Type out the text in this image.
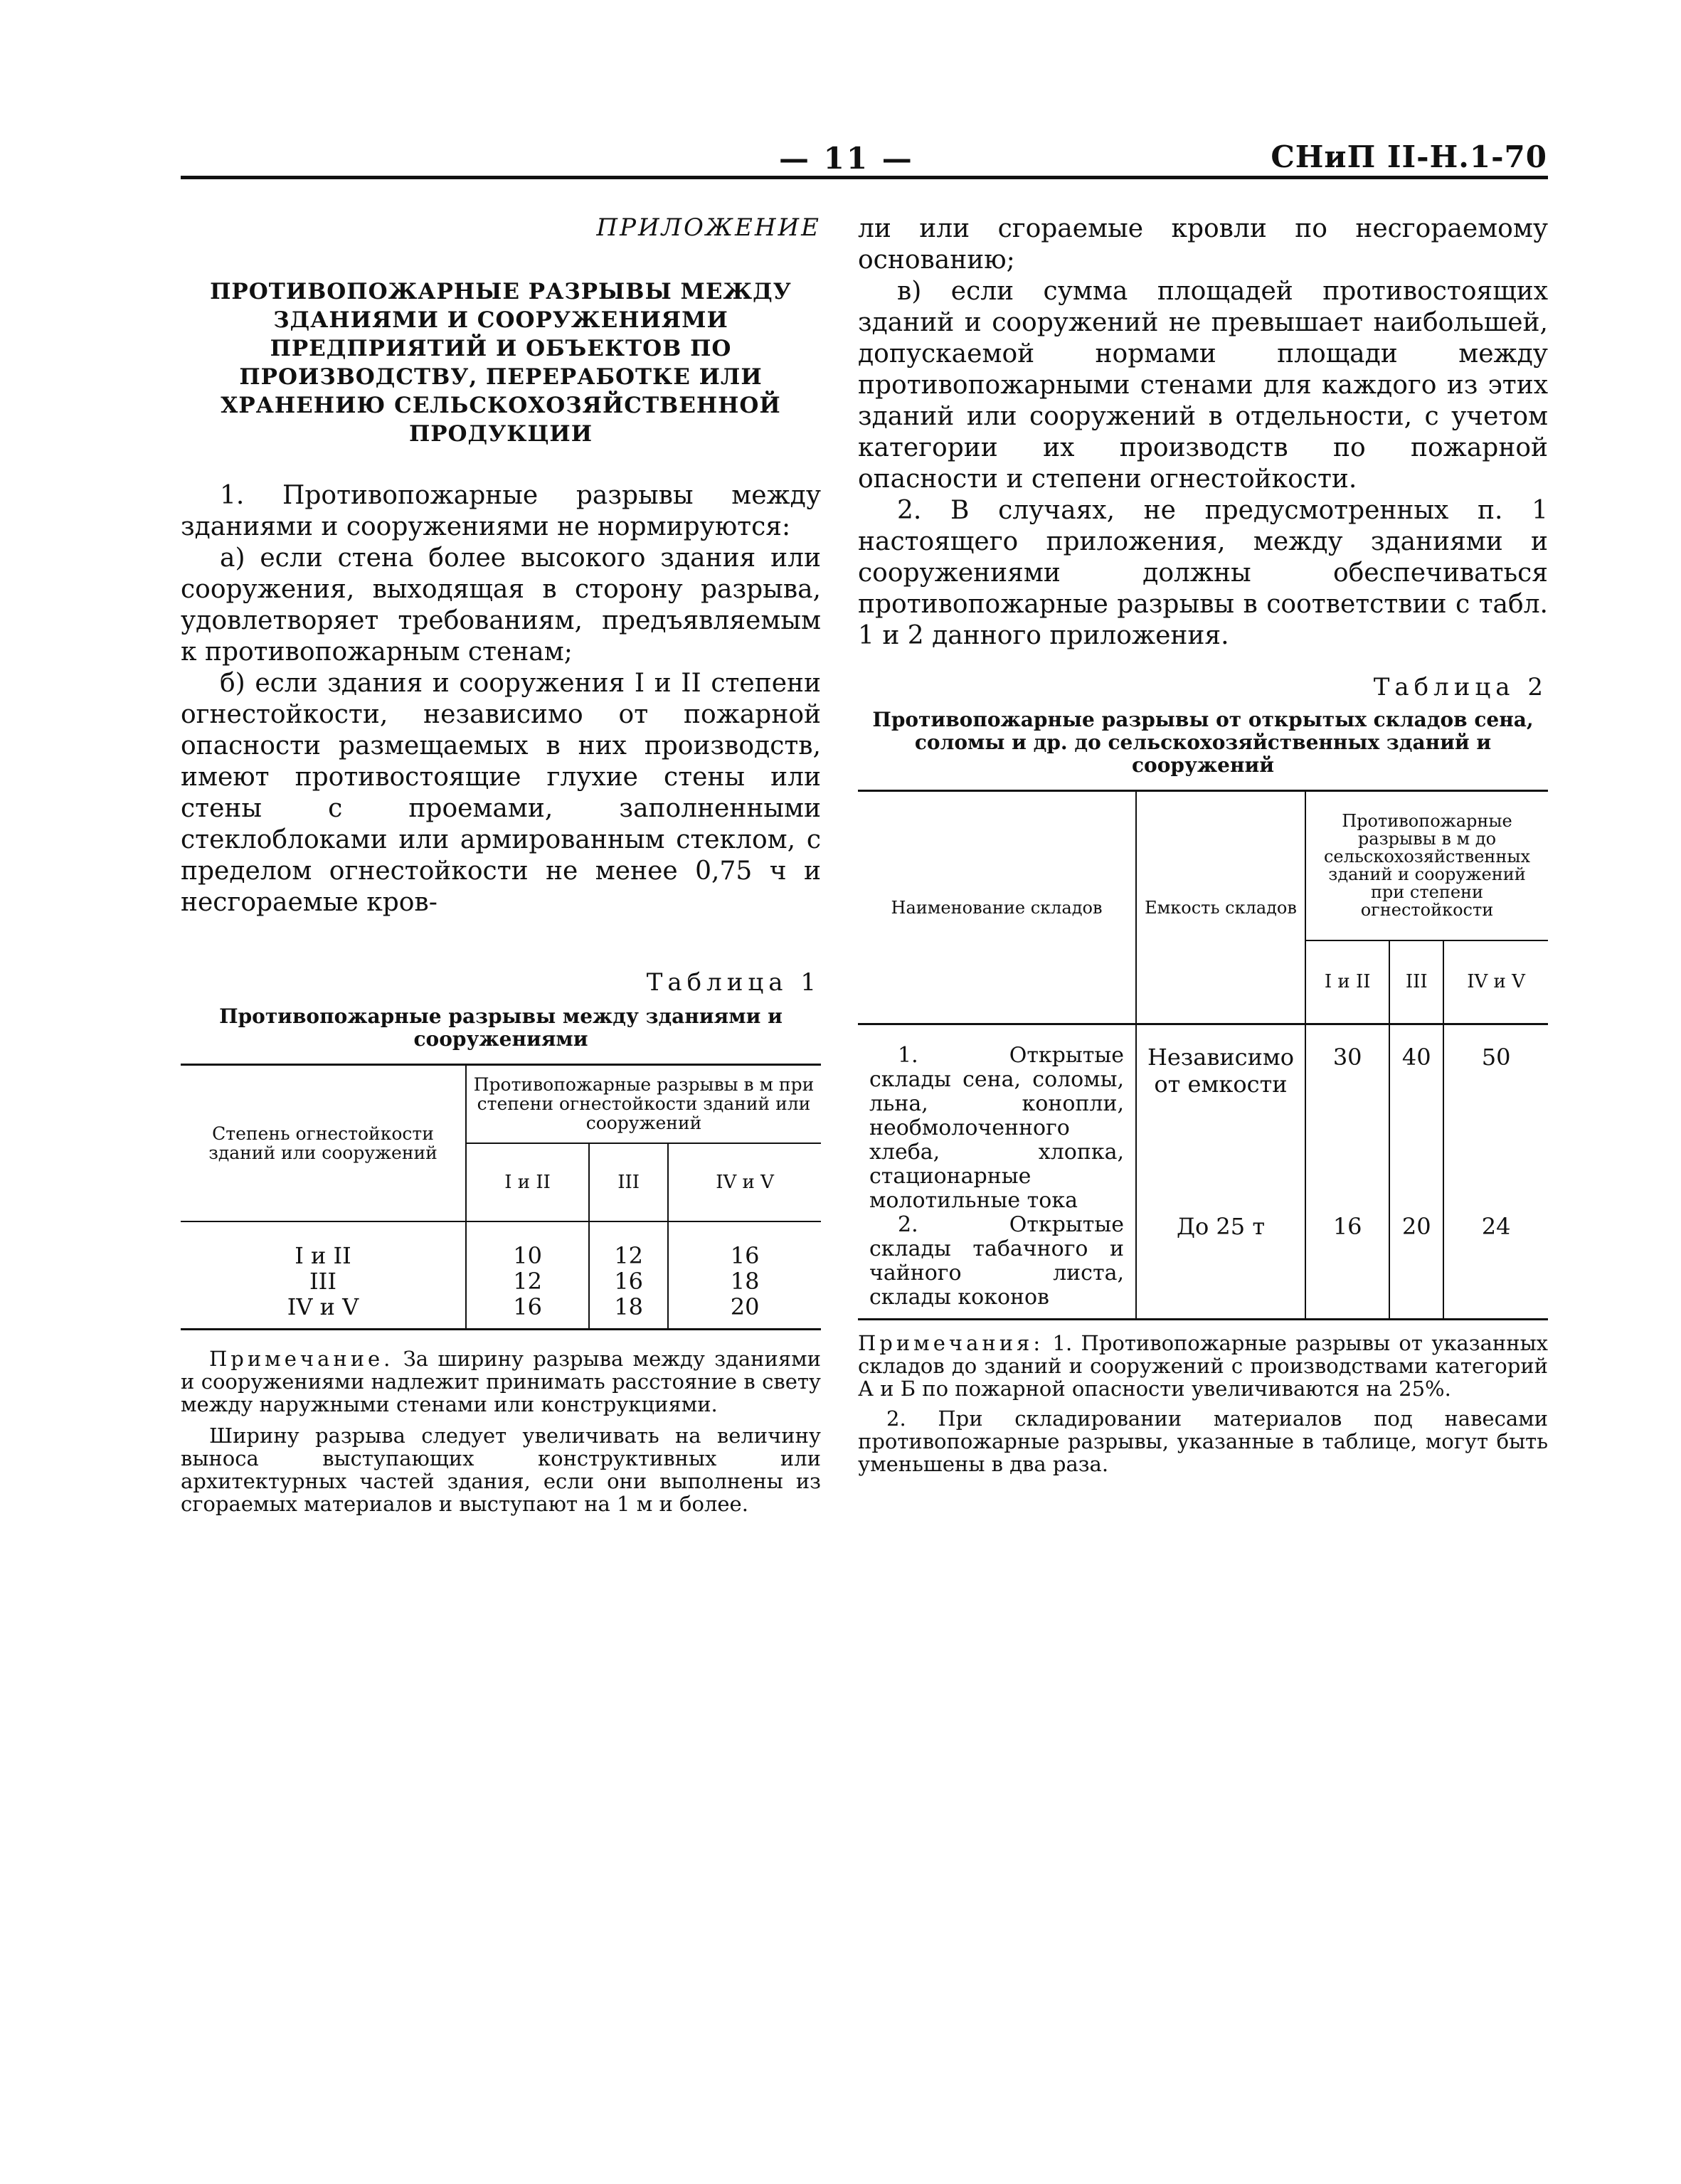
— 11 —	СНиП II-H.1-70
ПРИЛОЖЕНИЕ
ПРОТИВОПОЖАРНЫЕ РАЗРЫВЫ МЕЖДУ ЗДАНИЯМИ И СООРУЖЕНИЯМИ ПРЕДПРИЯТИЙ И ОБЪЕКТОВ ПО ПРОИЗВОДСТВУ, ПЕРЕРАБОТКЕ ИЛИ ХРАНЕНИЮ СЕЛЬСКОХОЗЯЙСТВЕННОЙ ПРОДУКЦИИ

1. Противопожарные разрывы между зданиями и сооружениями не нормируются:

а) если стена более высокого здания или сооружения, выходящая в сторону разрыва, удовлетворяет требованиям, предъявляемым к противопожарным стенам;

б) если здания и сооружения I и II степени огнестойкости, независимо от пожарной опасности размещаемых в них производств, имеют противостоящие глухие стены или стены с проемами, заполненными стеклоблоками или армированным стеклом, с пределом огнестойкости не менее 0,75 ч и несгораемые кров-

Таблица 1
Противопожарные разрывы между зданиями и сооружениями
Степень огнестойкости зданий или сооружений	Противопожарные разрывы в м при степени огнестойкости зданий или сооружений		
	I и II	III	IV и V

I и II	10	12	16
III	12	16	18
IV и V	16	18	20

Примечание. За ширину разрыва между зданиями и сооружениями надлежит принимать расстояние в свету между наружными стенами или конструкциями.

Ширину разрыва следует увеличивать на величину выноса выступающих конструктивных или архитектурных частей здания, если они выполнены из сгораемых материалов и выступают на 1 м и более.

ли или сгораемые кровли по несгораемому основанию;

в) если сумма площадей противостоящих зданий и сооружений не превышает наибольшей, допускаемой нормами площади между противопожарными стенами для каждого из этих зданий или сооружений в отдельности, с учетом категории их производств по пожарной опасности и степени огнестойкости.

2. В случаях, не предусмотренных п. 1 настоящего приложения, между зданиями и сооружениями должны обеспечиваться противопожарные разрывы в соответствии с табл. 1 и 2 данного приложения.

Таблица 2
Противопожарные разрывы от открытых складов сена, соломы и др. до сельскохозяйственных зданий и сооружений
Наименование складов	Емкость складов	Противопожарные разрывы в м до сельскохозяйственных зданий и сооружений при степени огнестойкости		
		I и II	III	IV и V
1. Открытые склады сена, соломы, льна, конопли, необмолоченного хлеба, хлопка, стационарные молотильные тока	Независимо от емкости	30	40	50
2. Открытые склады табачного и чайного листа, склады коконов	До 25 т	16	20	24

Примечания: 1. Противопожарные разрывы от указанных складов до зданий и сооружений с производствами категорий А и Б по пожарной опасности увеличиваются на 25%.

2. При складировании материалов под навесами противопожарные разрывы, указанные в таблице, могут быть уменьшены в два раза.
